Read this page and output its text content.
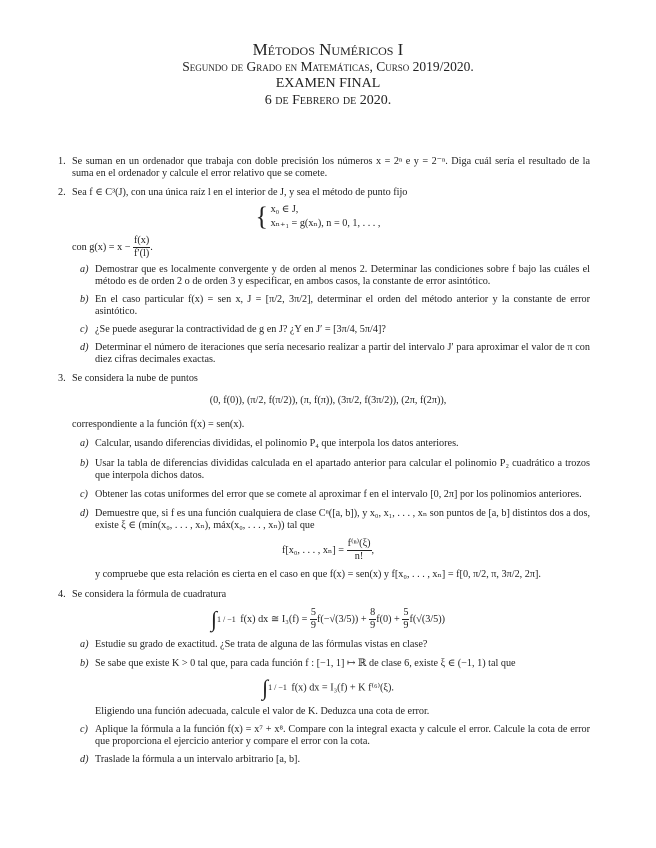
Métodos Numéricos I
Segundo de Grado en Matemáticas, Curso 2019/2020.
EXAMEN FINAL
6 de Febrero de 2020.
1. Se suman en un ordenador que trabaja con doble precisión los números x = 2ⁿ e y = 2⁻ⁿ. Diga cuál sería el resultado de la suma en el ordenador y calcule el error relativo que se comete.
2. Sea f ∈ C³(J), con una única raíz l en el interior de J, y sea el método de punto fijo
{ x₀ ∈ J,
xₙ₊₁ = g(xₙ), n = 0, 1, . . . ,
con $g(x) = x - \frac{f(x)}{f'(l)}$ .
a) Demostrar que es localmente convergente y de orden al menos 2. Determinar las condiciones sobre f bajo las cuáles el método es de orden 2 o de orden 3 y especificar, en ambos casos, la constante de error asintótico.
b) En el caso particular f(x) = sen x, J = [π/2, 3π/2], determinar el orden del método anterior y la constante de error asintótico.
c) ¿Se puede asegurar la contractividad de g en J? ¿Y en J′ = [3π/4, 5π/4]?
d) Determinar el número de iteraciones que sería necesario realizar a partir del intervalo J′ para aproximar el valor de π con diez cifras decimales exactas.
3. Se considera la nube de puntos
(0, f(0)), (π/2, f(π/2)), (π, f(π)), (3π/2, f(3π/2)), (2π, f(2π)),
correspondiente a la función f(x) = sen(x).
a) Calcular, usando diferencias divididas, el polinomio P₄ que interpola los datos anteriores.
b) Usar la tabla de diferencias divididas calculada en el apartado anterior para calcular el polinomio P₂ cuadrático a trozos que interpola dichos datos.
c) Obtener las cotas uniformes del error que se comete al aproximar f en el intervalo [0, 2π] por los polinomios anteriores.
d) Demuestre que, si f es una función cualquiera de clase Cⁿ([a, b]), y x₀, x₁, . . . , xₙ son puntos de [a, b] distintos dos a dos, existe ξ ∈ (mín(x₀, . . . , xₙ), máx(x₀, . . . , xₙ)) tal que
f[x₀, . . . , $x_n] = \frac{\text{f⁽ⁿ⁾(ξ)}}{n!}$ ,
y compruebe que esta relación es cierta en el caso en que f(x) = sen(x) y f[x₀, . . . , xₙ] = f[0, π/2, π, 3π/2, 2π].
4. Se considera la fórmula de cuadratura
∫1 / −1 f(x) dx ≅ $I_3(f) = \frac{5}{9} f(-√(3/5)) + \frac{8}{9} f(0) + \frac{5}{9} f(√(3/5))$
a) Estudie su grado de exactitud. ¿Se trata de alguna de las fórmulas vistas en clase?
b) Se sabe que existe K > 0 tal que, para cada función f : [−1, 1] ↦ ℝ de clase 6, existe ξ ∈ (−1, 1) tal que
∫1 / −1 f(x) dx = I₃(f) + K f⁽⁶⁾(ξ).
Eligiendo una función adecuada, calcule el valor de K. Deduzca una cota de error.
c) Aplique la fórmula a la función f(x) = x⁷ + x⁸. Compare con la integral exacta y calcule el error. Calcule la cota de error que proporciona el ejercicio anterior y compare el error con la cota.
d) Traslade la fórmula a un intervalo arbitrario [a, b].
